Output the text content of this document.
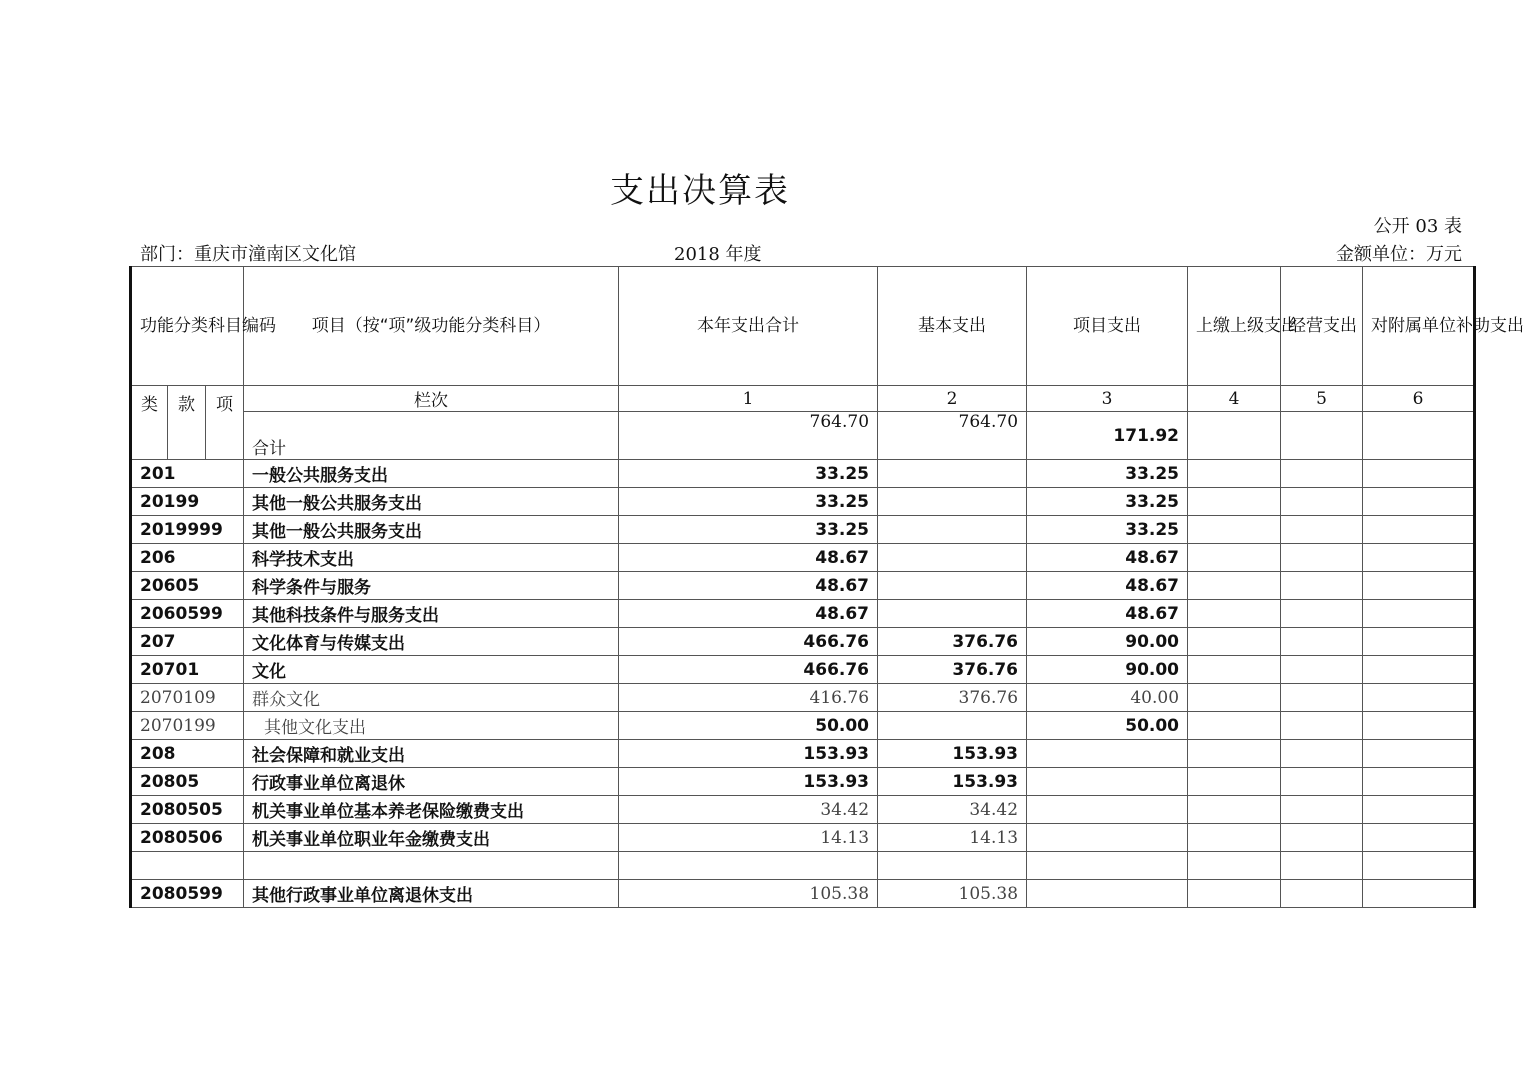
支出决算表
公开 03 表
部门：重庆市潼南区文化馆	2018 年度	金额单位：万元
功能分类科目编码			项目（按“项”级功能分类科目）	本年支出合计	基本支出	项目支出	上缴上级支出	经营支出	对附属单位补助支出
类	款	项	栏次	1	2	3	4	5	6
			合计	764.70	764.70	171.92			
201			一般公共服务支出	33.25		33.25			
20199			其他一般公共服务支出	33.25		33.25			
2019999			其他一般公共服务支出	33.25		33.25			
206			科学技术支出	48.67		48.67			
20605			科学条件与服务	48.67		48.67			
2060599			其他科技条件与服务支出	48.67		48.67			
207			文化体育与传媒支出	466.76	376.76	90.00			
20701			文化	466.76	376.76	90.00			
2070109			群众文化	416.76	376.76	40.00			
2070199			其他文化支出	50.00		50.00			
208			社会保障和就业支出	153.93	153.93				
20805			行政事业单位离退休	153.93	153.93				
2080505			机关事业单位基本养老保险缴费支出	34.42	34.42				
2080506			机关事业单位职业年金缴费支出	14.13	14.13				

2080599			其他行政事业单位离退休支出	105.38	105.38				
